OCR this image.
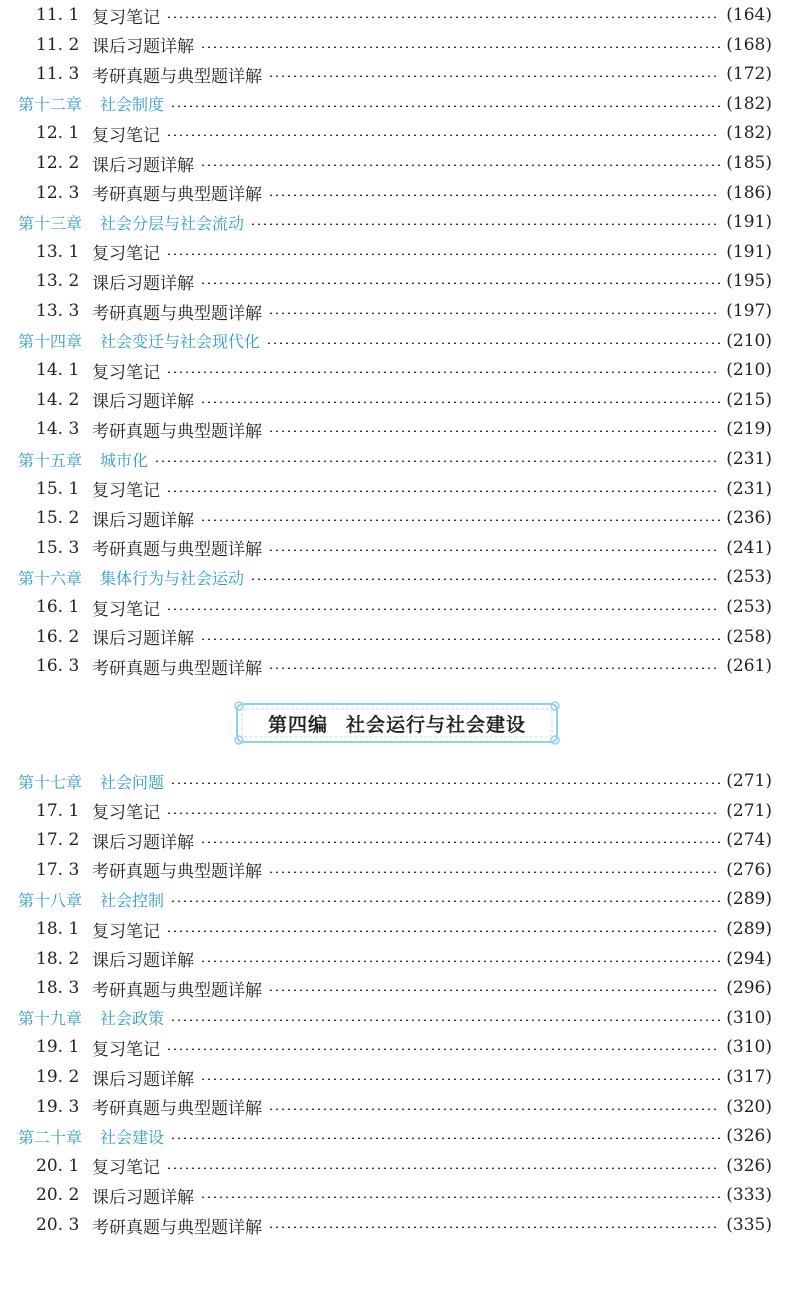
11. 1 复习笔记	(164)
11. 2 课后习题详解	(168)
11. 3 考研真题与典型题详解	(172)
第十二章 社会制度	(182)
12. 1 复习笔记	(182)
12. 2 课后习题详解	(185)
12. 3 考研真题与典型题详解	(186)
第十三章 社会分层与社会流动	(191)
13. 1 复习笔记	(191)
13. 2 课后习题详解	(195)
13. 3 考研真题与典型题详解	(197)
第十四章 社会变迁与社会现代化	(210)
14. 1 复习笔记	(210)
14. 2 课后习题详解	(215)
14. 3 考研真题与典型题详解	(219)
第十五章 城市化	(231)
15. 1 复习笔记	(231)
15. 2 课后习题详解	(236)
15. 3 考研真题与典型题详解	(241)
第十六章 集体行为与社会运动	(253)
16. 1 复习笔记	(253)
16. 2 课后习题详解	(258)
16. 3 考研真题与典型题详解	(261)
第十七章 社会问题	(271)
17. 1 复习笔记	(271)
17. 2 课后习题详解	(274)
17. 3 考研真题与典型题详解	(276)
第十八章 社会控制	(289)
18. 1 复习笔记	(289)
18. 2 课后习题详解	(294)
18. 3 考研真题与典型题详解	(296)
第十九章 社会政策	(310)
19. 1 复习笔记	(310)
19. 2 课后习题详解	(317)
19. 3 考研真题与典型题详解	(320)
第二十章 社会建设	(326)
20. 1 复习笔记	(326)
20. 2 课后习题详解	(333)
20. 3 考研真题与典型题详解	(335)
第四编 社会运行与社会建设
